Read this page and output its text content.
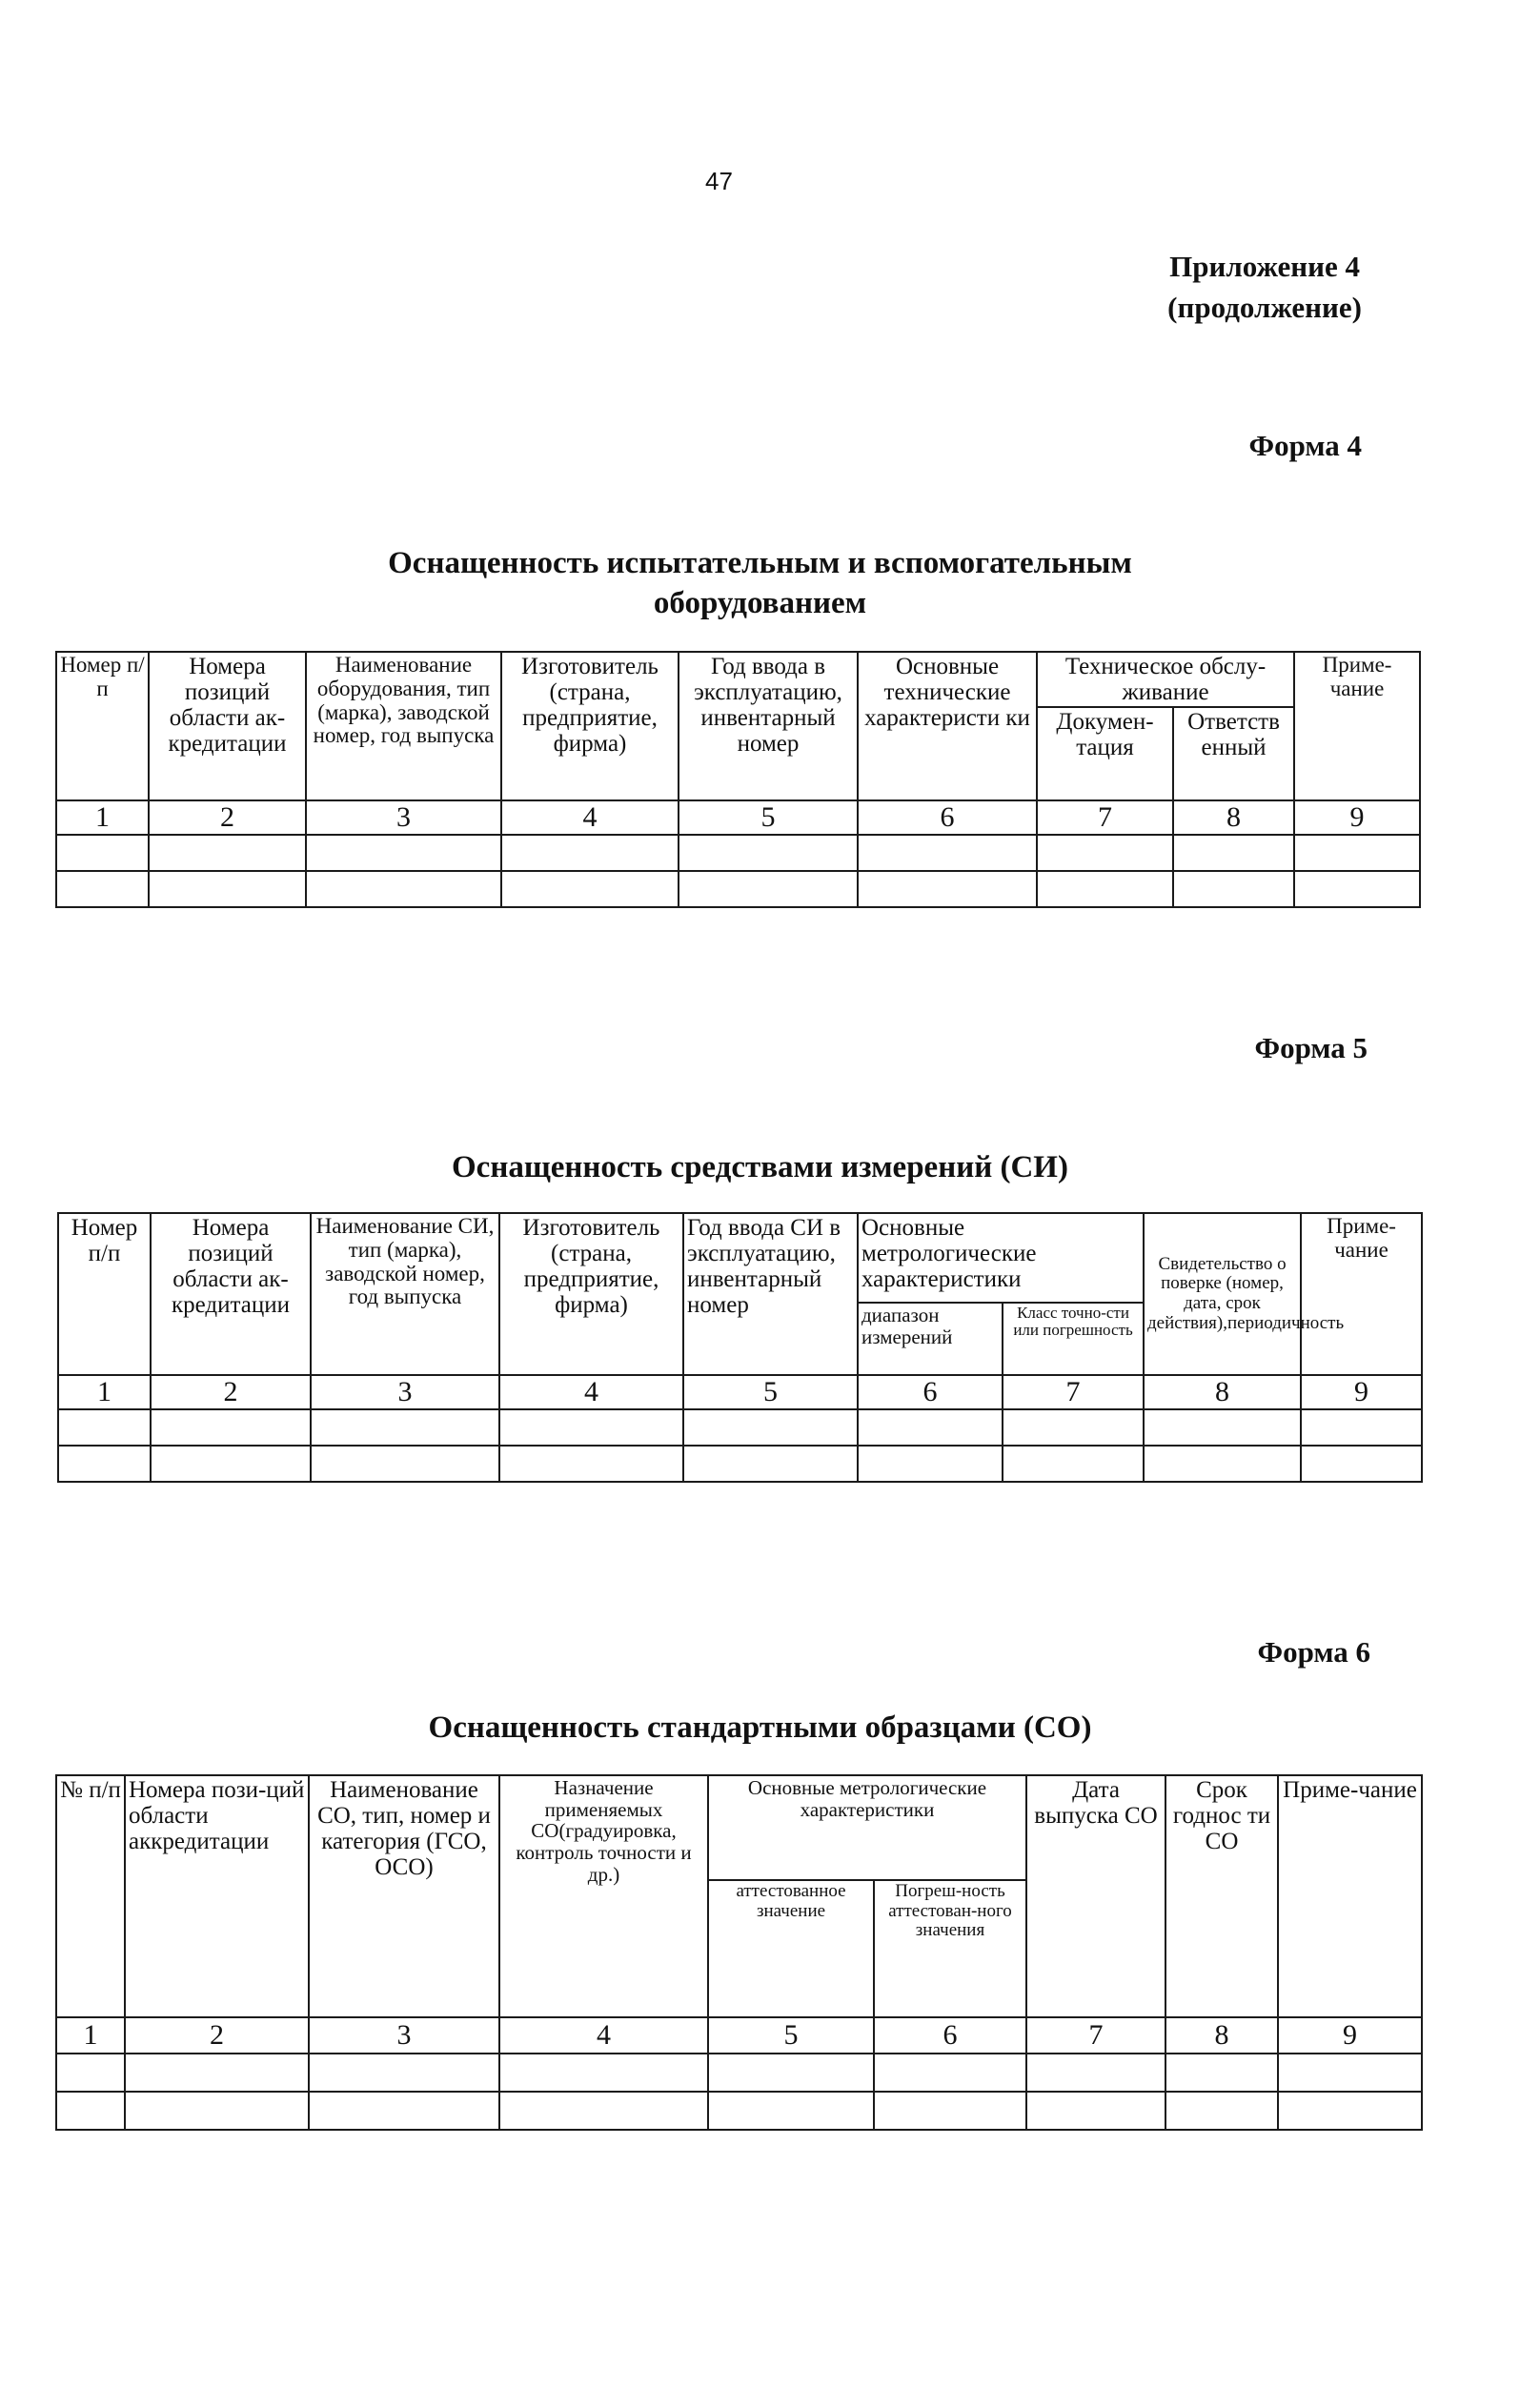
47
Приложение 4
(продолжение)
Форма 4
Оснащенность испытательным и вспомогательным
оборудованием
Номер п/п	Номера позиций области ак-кредитации	Наименование оборудования, тип (марка), заводской номер, год выпуска	Изготовитель (страна, предприятие, фирма)	Год ввода в эксплуатацию, инвентарный номер	Основные технические характеристи ки	Техническое обслу-живание		Приме-чание
						Докумен-тация	Ответств енный	
1	2	3	4	5	6	7	8	9

Форма 5
Оснащенность средствами измерений (СИ)
Номер п/п	Номера позиций области ак-кредитации	Наименование СИ, тип (марка), заводской номер, год выпуска	Изготовитель (страна, предприятие, фирма)	Год ввода СИ в эксплуатацию, инвентарный номер	Основные метрологические характеристики		Свидетельство о поверке (номер, дата, срок действия),периодичность	Приме-чание
					диапазон измерений	Класс точно-сти или погрешность		
1	2	3	4	5	6	7	8	9

Форма 6
Оснащенность стандартными образцами (СО)
№ п/п	Номера пози-ций области аккредитации	Наименование СО, тип, номер и категория (ГСО, ОСО)	Назначение применяемых СО(градуировка, контроль точности и др.)	Основные метрологические характеристики		Дата выпуска СО	Срок годнос ти СО	Приме-чание
				аттестованное значение	Погреш-ность аттестован-ного значения			
1	2	3	4	5	6	7	8	9
